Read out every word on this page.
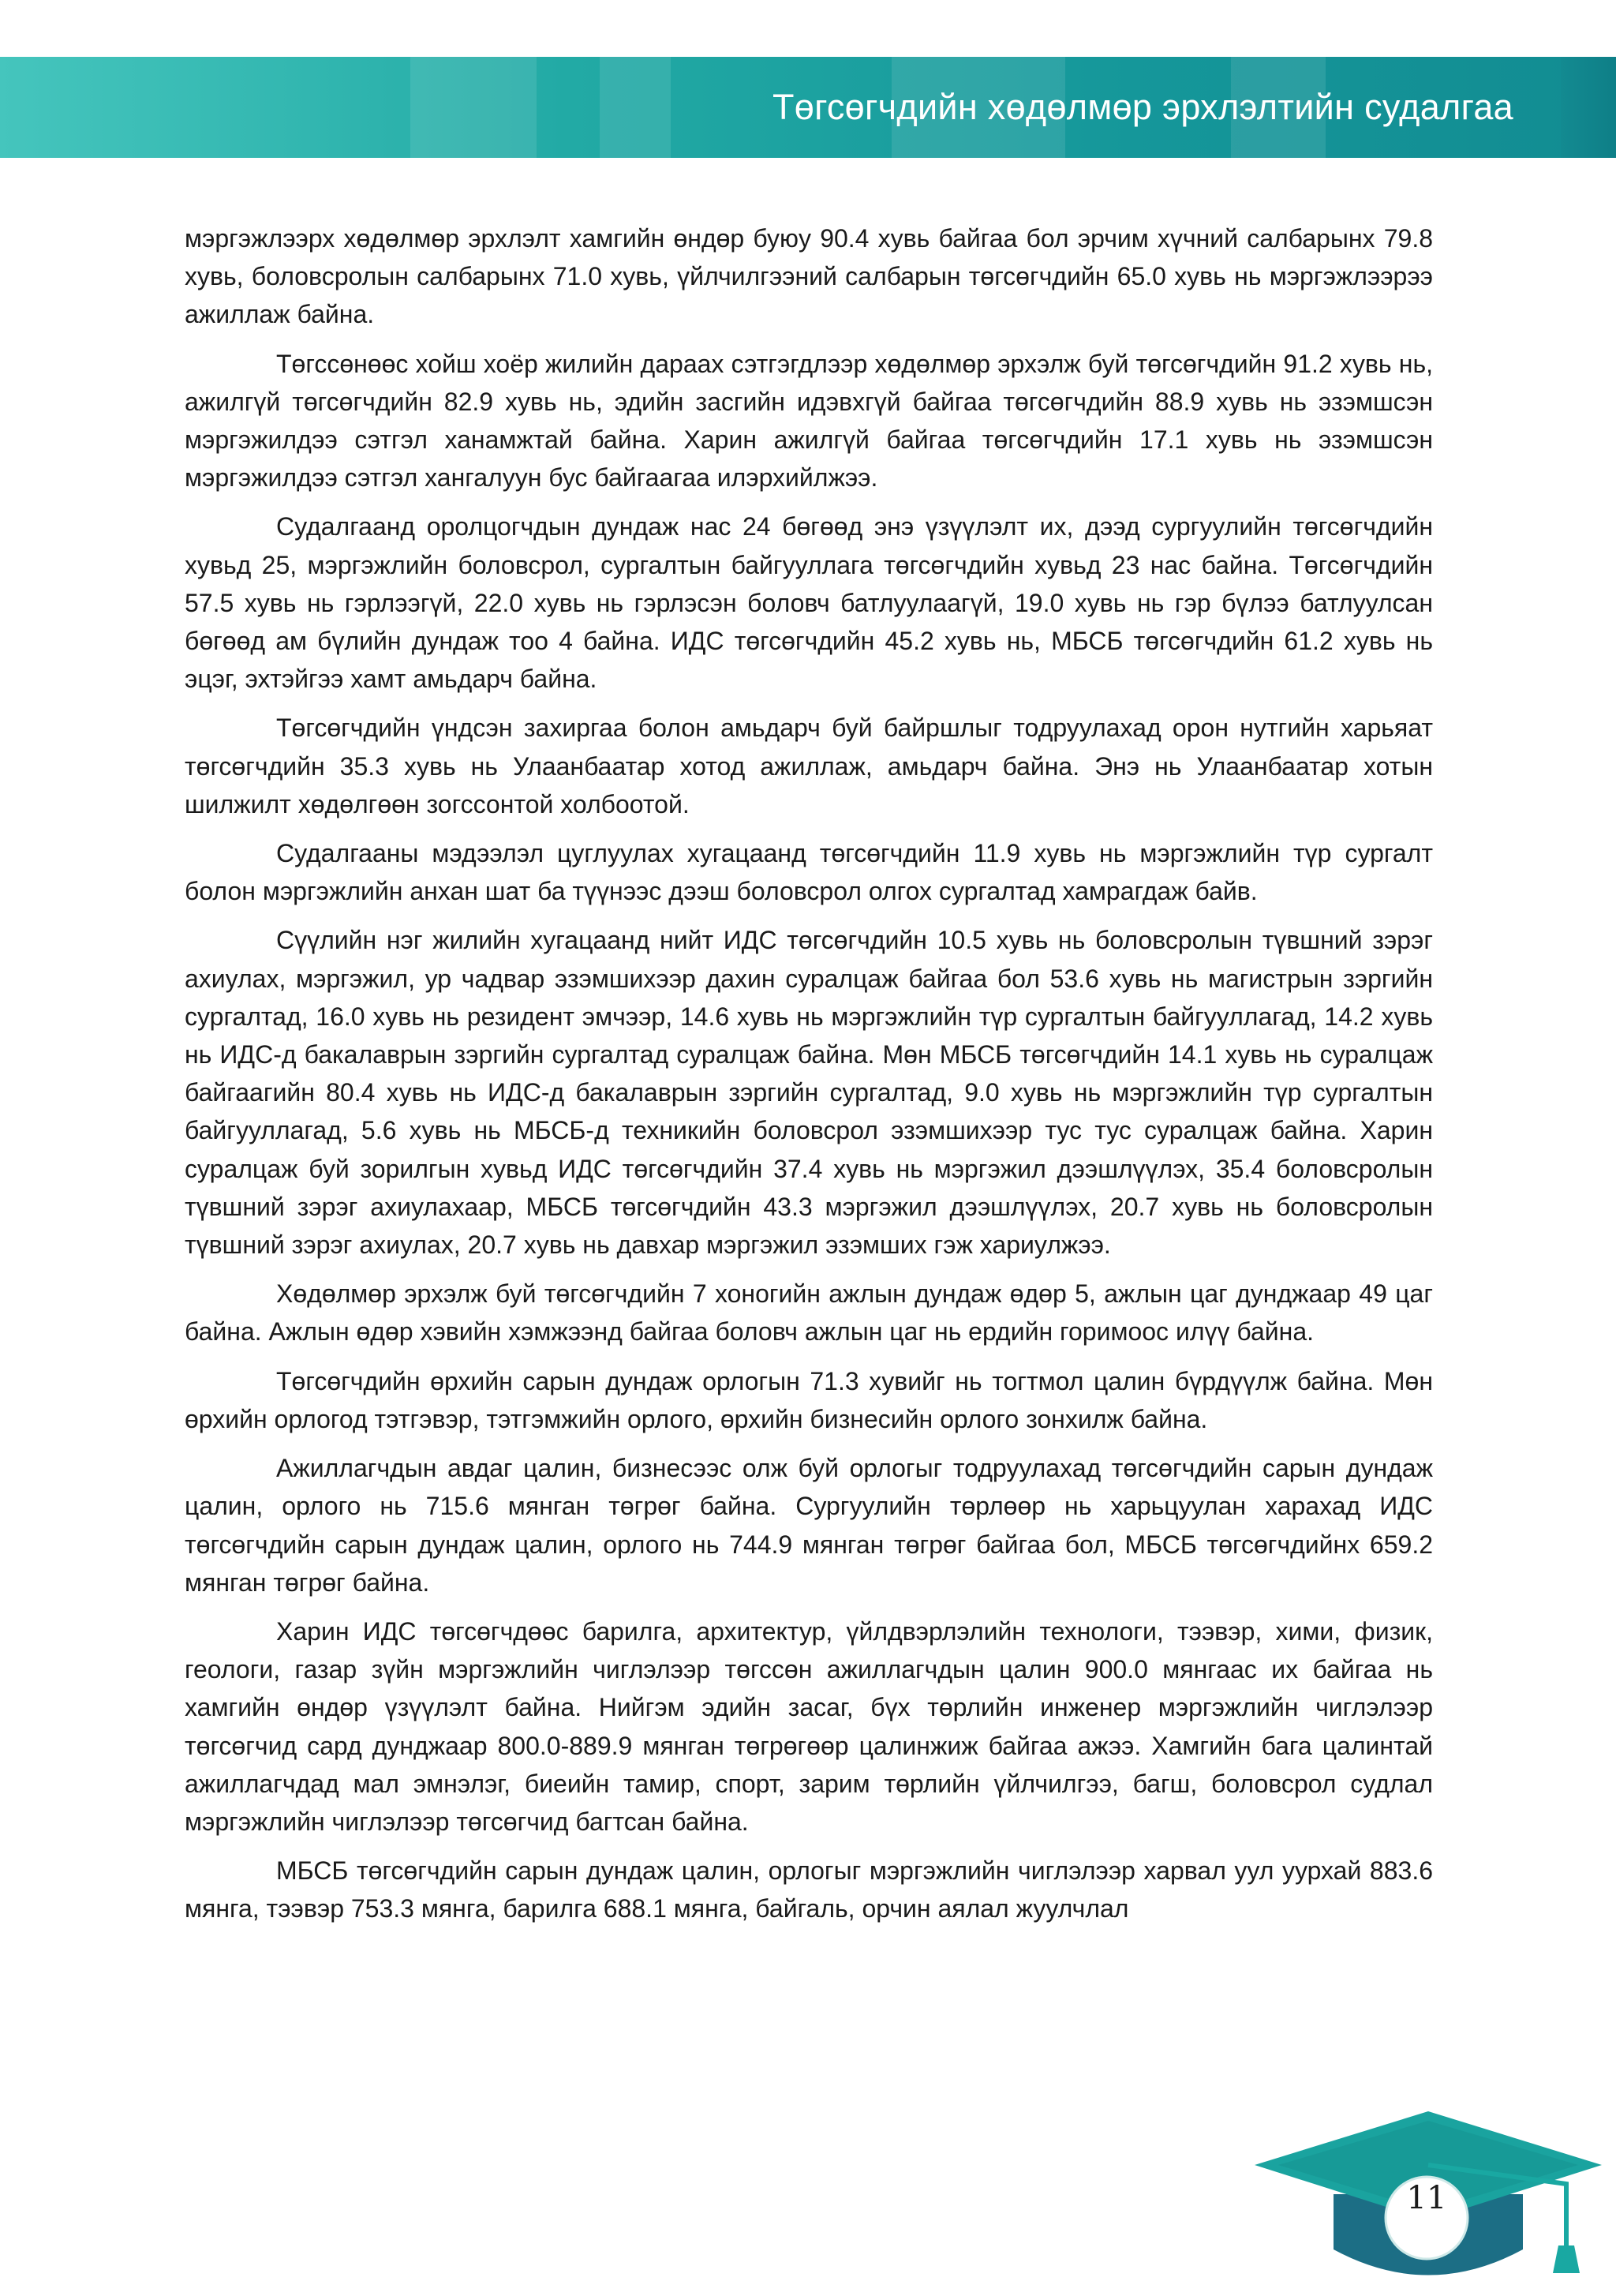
Төгсөгчдийн хөдөлмөр эрхлэлтийн судалгаа

мэргэжлээрх хөдөлмөр эрхлэлт хамгийн өндөр буюу 90.4 хувь байгаа бол эрчим хүчний салбарынх 79.8 хувь, боловсролын салбарынх 71.0 хувь, үйлчилгээний салбарын төгсөгчдийн 65.0 хувь нь мэргэжлээрээ ажиллаж байна.

Төгссөнөөс хойш хоёр жилийн дараах сэтгэгдлээр хөдөлмөр эрхэлж буй төгсөгчдийн 91.2 хувь нь, ажилгүй төгсөгчдийн 82.9 хувь нь, эдийн засгийн идэвхгүй байгаа төгсөгчдийн 88.9 хувь нь эзэмшсэн мэргэжилдээ сэтгэл ханамжтай байна. Харин ажилгүй байгаа төгсөгчдийн 17.1 хувь нь эзэмшсэн мэргэжилдээ сэтгэл хангалуун бус байгаагаа илэрхийлжээ.

Судалгаанд оролцогчдын дундаж нас 24 бөгөөд энэ үзүүлэлт их, дээд сургуулийн төгсөгчдийн хувьд 25, мэргэжлийн боловсрол, сургалтын байгууллага төгсөгчдийн хувьд 23 нас байна. Төгсөгчдийн 57.5 хувь нь гэрлээгүй, 22.0 хувь нь гэрлэсэн боловч батлуулаагүй, 19.0 хувь нь гэр бүлээ батлуулсан бөгөөд ам бүлийн дундаж тоо 4 байна. ИДС төгсөгчдийн 45.2 хувь нь, МБСБ төгсөгчдийн 61.2 хувь нь эцэг, эхтэйгээ хамт амьдарч байна.

Төгсөгчдийн үндсэн захиргаа болон амьдарч буй байршлыг тодруулахад орон нутгийн харьяат төгсөгчдийн 35.3 хувь нь Улаанбаатар хотод ажиллаж, амьдарч байна. Энэ нь Улаанбаатар хотын шилжилт хөдөлгөөн зогссонтой холбоотой.

Судалгааны мэдээлэл цуглуулах хугацаанд төгсөгчдийн 11.9 хувь нь мэргэжлийн түр сургалт болон мэргэжлийн анхан шат ба түүнээс дээш боловсрол олгох сургалтад хамрагдаж байв.

Сүүлийн нэг жилийн хугацаанд нийт ИДС төгсөгчдийн 10.5 хувь нь боловсролын түвшний зэрэг ахиулах, мэргэжил, ур чадвар эзэмшихээр дахин суралцаж байгаа бол 53.6 хувь нь магистрын зэргийн сургалтад, 16.0 хувь нь резидент эмчээр, 14.6 хувь нь мэргэжлийн түр сургалтын байгууллагад, 14.2 хувь нь ИДС-д бакалаврын зэргийн сургалтад суралцаж байна. Мөн МБСБ төгсөгчдийн 14.1 хувь нь суралцаж байгаагийн 80.4 хувь нь ИДС-д бакалаврын зэргийн сургалтад, 9.0 хувь нь мэргэжлийн түр сургалтын байгууллагад, 5.6 хувь нь МБСБ-д техникийн боловсрол эзэмшихээр тус тус суралцаж байна. Харин суралцаж буй зорилгын хувьд ИДС төгсөгчдийн 37.4 хувь нь мэргэжил дээшлүүлэх, 35.4 боловсролын түвшний зэрэг ахиулахаар, МБСБ төгсөгчдийн 43.3 мэргэжил дээшлүүлэх, 20.7 хувь нь боловсролын түвшний зэрэг ахиулах, 20.7 хувь нь давхар мэргэжил эзэмших гэж хариулжээ.

Хөдөлмөр эрхэлж буй төгсөгчдийн 7 хоногийн ажлын дундаж өдөр 5, ажлын цаг дунджаар 49 цаг байна. Ажлын өдөр хэвийн хэмжээнд байгаа боловч ажлын цаг нь ердийн горимоос илүү байна.

Төгсөгчдийн өрхийн сарын дундаж орлогын 71.3 хувийг нь тогтмол цалин бүрдүүлж байна. Мөн өрхийн орлогод тэтгэвэр, тэтгэмжийн орлого, өрхийн бизнесийн орлого зонхилж байна.

Ажиллагчдын авдаг цалин, бизнесээс олж буй орлогыг тодруулахад төгсөгчдийн сарын дундаж цалин, орлого нь 715.6 мянган төгрөг байна. Сургуулийн төрлөөр нь харьцуулан харахад ИДС төгсөгчдийн сарын дундаж цалин, орлого нь 744.9 мянган төгрөг байгаа бол, МБСБ төгсөгчдийнх 659.2 мянган төгрөг байна.

Харин ИДС төгсөгчдөөс барилга, архитектур, үйлдвэрлэлийн технологи, тээвэр, хими, физик, геологи, газар зүйн мэргэжлийн чиглэлээр төгссөн ажиллагчдын цалин 900.0 мянгаас их байгаа нь хамгийн өндөр үзүүлэлт байна. Нийгэм эдийн засаг, бүх төрлийн инженер мэргэжлийн чиглэлээр төгсөгчид сард дунджаар 800.0-889.9 мянган төгрөгөөр цалинжиж байгаа ажээ. Хамгийн бага цалинтай ажиллагчдад мал эмнэлэг, биеийн тамир, спорт, зарим төрлийн үйлчилгээ, багш, боловсрол судлал мэргэжлийн чиглэлээр төгсөгчид багтсан байна.

МБСБ төгсөгчдийн сарын дундаж цалин, орлогыг мэргэжлийн чиглэлээр харвал уул уурхай 883.6 мянга, тээвэр 753.3 мянга, барилга 688.1 мянга, байгаль, орчин аялал жуулчлал

11
